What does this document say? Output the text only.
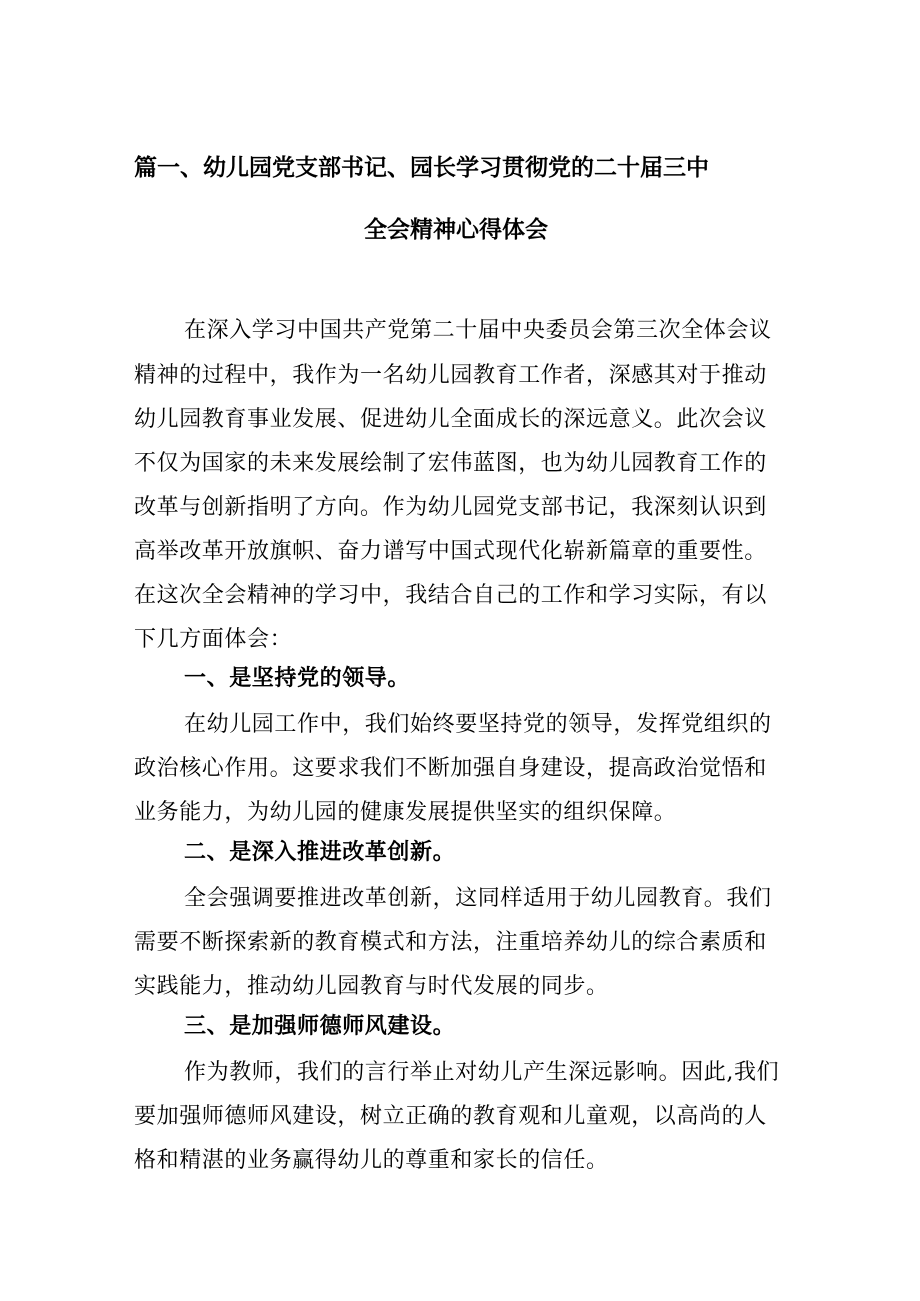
篇一、幼儿园党支部书记、园长学习贯彻党的二十届三中
全会精神心得体会
在深入学习中国共产党第二十届中央委员会第三次全体会议
精神的过程中，我作为一名幼儿园教育工作者，深感其对于推动
幼儿园教育事业发展、促进幼儿全面成长的深远意义。此次会议
不仅为国家的未来发展绘制了宏伟蓝图，也为幼儿园教育工作的
改革与创新指明了方向。作为幼儿园党支部书记，我深刻认识到
高举改革开放旗帜、奋力谱写中国式现代化崭新篇章的重要性。
在这次全会精神的学习中，我结合自己的工作和学习实际，有以
下几方面体会：
一、是坚持党的领导。
在幼儿园工作中，我们始终要坚持党的领导，发挥党组织的
政治核心作用。这要求我们不断加强自身建设，提高政治觉悟和
业务能力，为幼儿园的健康发展提供坚实的组织保障。
二、是深入推进改革创新。
全会强调要推进改革创新，这同样适用于幼儿园教育。我们
需要不断探索新的教育模式和方法，注重培养幼儿的综合素质和
实践能力，推动幼儿园教育与时代发展的同步。
三、是加强师德师风建设。
作为教师，我们的言行举止对幼儿产生深远影响。因此,我们
要加强师德师风建设，树立正确的教育观和儿童观，以高尚的人
格和精湛的业务赢得幼儿的尊重和家长的信任。
